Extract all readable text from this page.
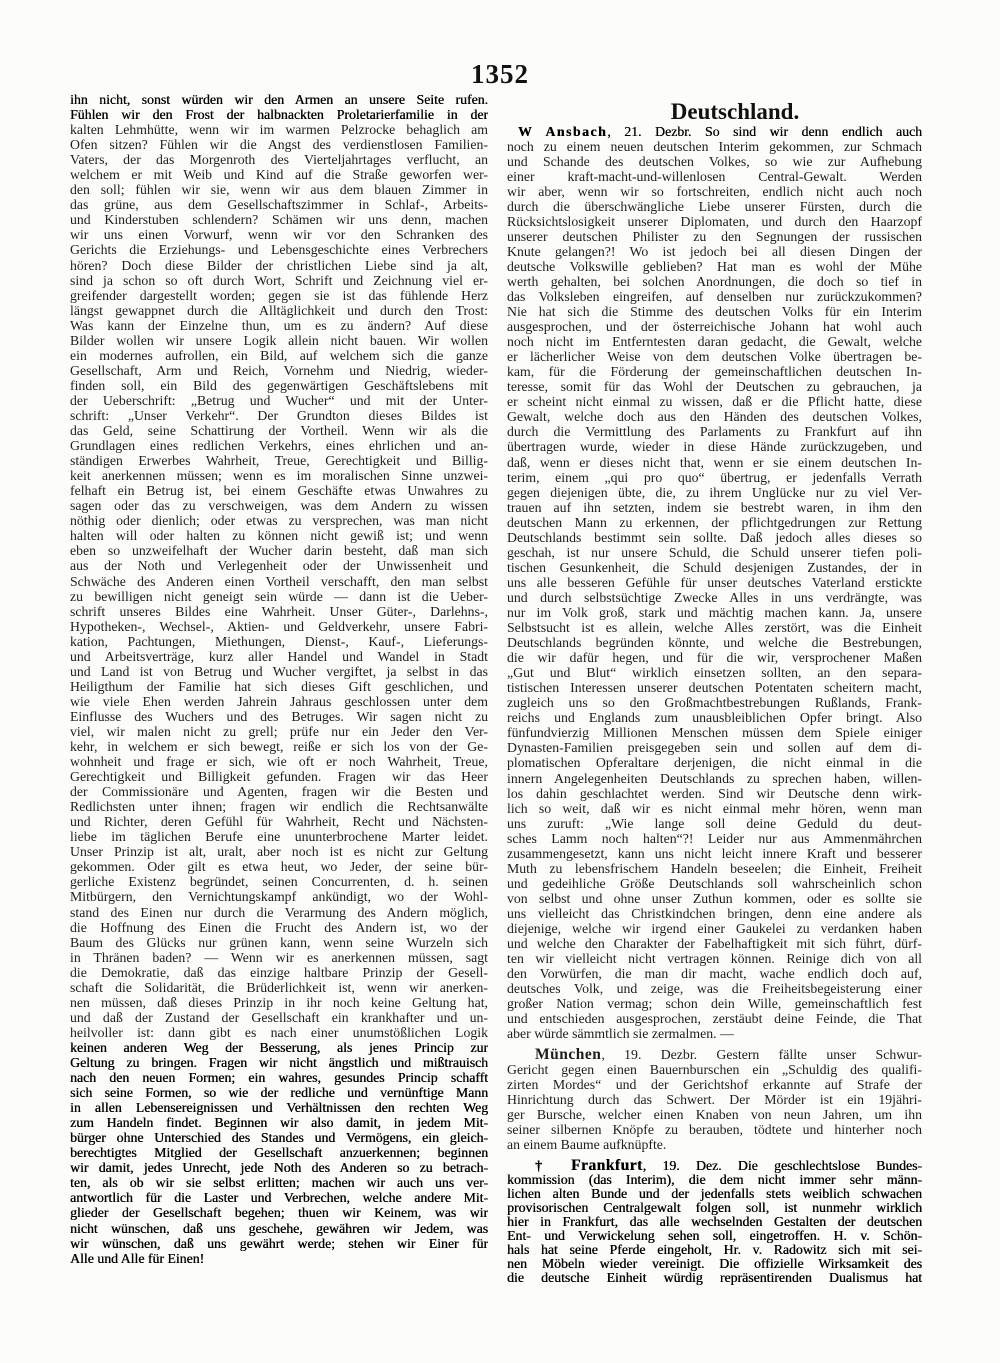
1352
ihn nicht, sonst würden wir den Armen an unsere Seite rufen.
Fühlen wir den Frost der halbnackten Proletarierfamilie in der
kalten Lehmhütte, wenn wir im warmen Pelzrocke behaglich am
Ofen sitzen? Fühlen wir die Angst des verdienstlosen Familien-
Vaters, der das Morgenroth des Vierteljahrtages verflucht, an
welchem er mit Weib und Kind auf die Straße geworfen wer-
den soll; fühlen wir sie, wenn wir aus dem blauen Zimmer in
das grüne, aus dem Gesellschaftszimmer in Schlaf-, Arbeits-
und Kinderstuben schlendern? Schämen wir uns denn, machen
wir uns einen Vorwurf, wenn wir vor den Schranken des
Gerichts die Erziehungs- und Lebensgeschichte eines Verbrechers
hören? Doch diese Bilder der christlichen Liebe sind ja alt,
sind ja schon so oft durch Wort, Schrift und Zeichnung viel er-
greifender dargestellt worden; gegen sie ist das fühlende Herz
längst gewappnet durch die Alltäglichkeit und durch den Trost:
Was kann der Einzelne thun, um es zu ändern? Auf diese
Bilder wollen wir unsere Logik allein nicht bauen. Wir wollen
ein modernes aufrollen, ein Bild, auf welchem sich die ganze
Gesellschaft, Arm und Reich, Vornehm und Niedrig, wieder-
finden soll, ein Bild des gegenwärtigen Geschäftslebens mit
der Ueberschrift: „Betrug und Wucher“ und mit der Unter-
schrift: „Unser Verkehr“. Der Grundton dieses Bildes ist
das Geld, seine Schattirung der Vortheil. Wenn wir als die
Grundlagen eines redlichen Verkehrs, eines ehrlichen und an-
ständigen Erwerbes Wahrheit, Treue, Gerechtigkeit und Billig-
keit anerkennen müssen; wenn es im moralischen Sinne unzwei-
felhaft ein Betrug ist, bei einem Geschäfte etwas Unwahres zu
sagen oder das zu verschweigen, was dem Andern zu wissen
nöthig oder dienlich; oder etwas zu versprechen, was man nicht
halten will oder halten zu können nicht gewiß ist; und wenn
eben so unzweifelhaft der Wucher darin besteht, daß man sich
aus der Noth und Verlegenheit oder der Unwissenheit und
Schwäche des Anderen einen Vortheil verschafft, den man selbst
zu bewilligen nicht geneigt sein würde — dann ist die Ueber-
schrift unseres Bildes eine Wahrheit. Unser Güter-, Darlehns-,
Hypotheken-, Wechsel-, Aktien- und Geldverkehr, unsere Fabri-
kation, Pachtungen, Miethungen, Dienst-, Kauf-, Lieferungs-
und Arbeitsverträge, kurz aller Handel und Wandel in Stadt
und Land ist von Betrug und Wucher vergiftet, ja selbst in das
Heiligthum der Familie hat sich dieses Gift geschlichen, und
wie viele Ehen werden Jahrein Jahraus geschlossen unter dem
Einflusse des Wuchers und des Betruges. Wir sagen nicht zu
viel, wir malen nicht zu grell; prüfe nur ein Jeder den Ver-
kehr, in welchem er sich bewegt, reiße er sich los von der Ge-
wohnheit und frage er sich, wie oft er noch Wahrheit, Treue,
Gerechtigkeit und Billigkeit gefunden. Fragen wir das Heer
der Commissionäre und Agenten, fragen wir die Besten und
Redlichsten unter ihnen; fragen wir endlich die Rechtsanwälte
und Richter, deren Gefühl für Wahrheit, Recht und Nächsten-
liebe im täglichen Berufe eine ununterbrochene Marter leidet.
Unser Prinzip ist alt, uralt, aber noch ist es nicht zur Geltung
gekommen. Oder gilt es etwa heut, wo Jeder, der seine bür-
gerliche Existenz begründet, seinen Concurrenten, d. h. seinen
Mitbürgern, den Vernichtungskampf ankündigt, wo der Wohl-
stand des Einen nur durch die Verarmung des Andern möglich,
die Hoffnung des Einen die Frucht des Andern ist, wo der
Baum des Glücks nur grünen kann, wenn seine Wurzeln sich
in Thränen baden? — Wenn wir es anerkennen müssen, sagt
die Demokratie, daß das einzige haltbare Prinzip der Gesell-
schaft die Solidarität, die Brüderlichkeit ist, wenn wir anerken-
nen müssen, daß dieses Prinzip in ihr noch keine Geltung hat,
und daß der Zustand der Gesellschaft ein krankhafter und un-
heilvoller ist: dann gibt es nach einer unumstößlichen Logik
keinen anderen Weg der Besserung, als jenes Princip zur
Geltung zu bringen. Fragen wir nicht ängstlich und mißtrauisch
nach den neuen Formen; ein wahres, gesundes Princip schafft
sich seine Formen, so wie der redliche und vernünftige Mann
in allen Lebensereignissen und Verhältnissen den rechten Weg
zum Handeln findet. Beginnen wir also damit, in jedem Mit-
bürger ohne Unterschied des Standes und Vermögens, ein gleich-
berechtigtes Mitglied der Gesellschaft anzuerkennen; beginnen
wir damit, jedes Unrecht, jede Noth des Anderen so zu betrach-
ten, als ob wir sie selbst erlitten; machen wir auch uns ver-
antwortlich für die Laster und Verbrechen, welche andere Mit-
glieder der Gesellschaft begehen; thuen wir Keinem, was wir
nicht wünschen, daß uns geschehe, gewähren wir Jedem, was
wir wünschen, daß uns gewährt werde; stehen wir Einer für
Alle und Alle für Einen!
Deutschland.
W Ansbach, 21. Dezbr. So sind wir denn endlich auch
noch zu einem neuen deutschen Interim gekommen, zur Schmach
und Schande des deutschen Volkes, so wie zur Aufhebung
einer kraft-macht-und-willenlosen Central-Gewalt. Werden
wir aber, wenn wir so fortschreiten, endlich nicht auch noch
durch die überschwängliche Liebe unserer Fürsten, durch die
Rücksichtslosigkeit unserer Diplomaten, und durch den Haarzopf
unserer deutschen Philister zu den Segnungen der russischen
Knute gelangen?! Wo ist jedoch bei all diesen Dingen der
deutsche Volkswille geblieben? Hat man es wohl der Mühe
werth gehalten, bei solchen Anordnungen, die doch so tief in
das Volksleben eingreifen, auf denselben nur zurückzukommen?
Nie hat sich die Stimme des deutschen Volks für ein Interim
ausgesprochen, und der österreichische Johann hat wohl auch
noch nicht im Entferntesten daran gedacht, die Gewalt, welche
er lächerlicher Weise von dem deutschen Volke übertragen be-
kam, für die Förderung der gemeinschaftlichen deutschen In-
teresse, somit für das Wohl der Deutschen zu gebrauchen, ja
er scheint nicht einmal zu wissen, daß er die Pflicht hatte, diese
Gewalt, welche doch aus den Händen des deutschen Volkes,
durch die Vermittlung des Parlaments zu Frankfurt auf ihn
übertragen wurde, wieder in diese Hände zurückzugeben, und
daß, wenn er dieses nicht that, wenn er sie einem deutschen In-
terim, einem „qui pro quo“ übertrug, er jedenfalls Verrath
gegen diejenigen übte, die, zu ihrem Unglücke nur zu viel Ver-
trauen auf ihn setzten, indem sie bestrebt waren, in ihm den
deutschen Mann zu erkennen, der pflichtgedrungen zur Rettung
Deutschlands bestimmt sein sollte. Daß jedoch alles dieses so
geschah, ist nur unsere Schuld, die Schuld unserer tiefen poli-
tischen Gesunkenheit, die Schuld desjenigen Zustandes, der in
uns alle besseren Gefühle für unser deutsches Vaterland erstickte
und durch selbstsüchtige Zwecke Alles in uns verdrängte, was
nur im Volk groß, stark und mächtig machen kann. Ja, unsere
Selbstsucht ist es allein, welche Alles zerstört, was die Einheit
Deutschlands begründen könnte, und welche die Bestrebungen,
die wir dafür hegen, und für die wir, versprochener Maßen
„Gut und Blut“ wirklich einsetzen sollten, an den separa-
tistischen Interessen unserer deutschen Potentaten scheitern macht,
zugleich uns so den Großmachtbestrebungen Rußlands, Frank-
reichs und Englands zum unausbleiblichen Opfer bringt. Also
fünfundvierzig Millionen Menschen müssen dem Spiele einiger
Dynasten-Familien preisgegeben sein und sollen auf dem di-
plomatischen Opferaltare derjenigen, die nicht einmal in die
innern Angelegenheiten Deutschlands zu sprechen haben, willen-
los dahin geschlachtet werden. Sind wir Deutsche denn wirk-
lich so weit, daß wir es nicht einmal mehr hören, wenn man
uns zuruft: „Wie lange soll deine Geduld du deut-
sches Lamm noch halten“?! Leider nur aus Ammenmährchen
zusammengesetzt, kann uns nicht leicht innere Kraft und besserer
Muth zu lebensfrischem Handeln beseelen; die Einheit, Freiheit
und gedeihliche Größe Deutschlands soll wahrscheinlich schon
von selbst und ohne unser Zuthun kommen, oder es sollte sie
uns vielleicht das Christkindchen bringen, denn eine andere als
diejenige, welche wir irgend einer Gaukelei zu verdanken haben
und welche den Charakter der Fabelhaftigkeit mit sich führt, dürf-
ten wir vielleicht nicht vertragen können. Reinige dich von all
den Vorwürfen, die man dir macht, wache endlich doch auf,
deutsches Volk, und zeige, was die Freiheitsbegeisterung einer
großer Nation vermag; schon dein Wille, gemeinschaftlich fest
und entschieden ausgesprochen, zerstäubt deine Feinde, die That
aber würde sämmtlich sie zermalmen. —
München, 19. Dezbr. Gestern fällte unser Schwur-
Gericht gegen einen Bauernburschen ein „Schuldig des qualifi-
zirten Mordes“ und der Gerichtshof erkannte auf Strafe der
Hinrichtung durch das Schwert. Der Mörder ist ein 19jähri-
ger Bursche, welcher einen Knaben von neun Jahren, um ihn
seiner silbernen Knöpfe zu berauben, tödtete und hinterher noch
an einem Baume aufknüpfte.
† Frankfurt, 19. Dez. Die geschlechtslose Bundes-
kommission (das Interim), die dem nicht immer sehr männ-
lichen alten Bunde und der jedenfalls stets weiblich schwachen
provisorischen Centralgewalt folgen soll, ist nunmehr wirklich
hier in Frankfurt, das alle wechselnden Gestalten der deutschen
Ent- und Verwickelung sehen soll, eingetroffen. H. v. Schön-
hals hat seine Pferde eingeholt, Hr. v. Radowitz sich mit sei-
nen Möbeln wieder vereinigt. Die offizielle Wirksamkeit des
die deutsche Einheit würdig repräsentirenden Dualismus hat
